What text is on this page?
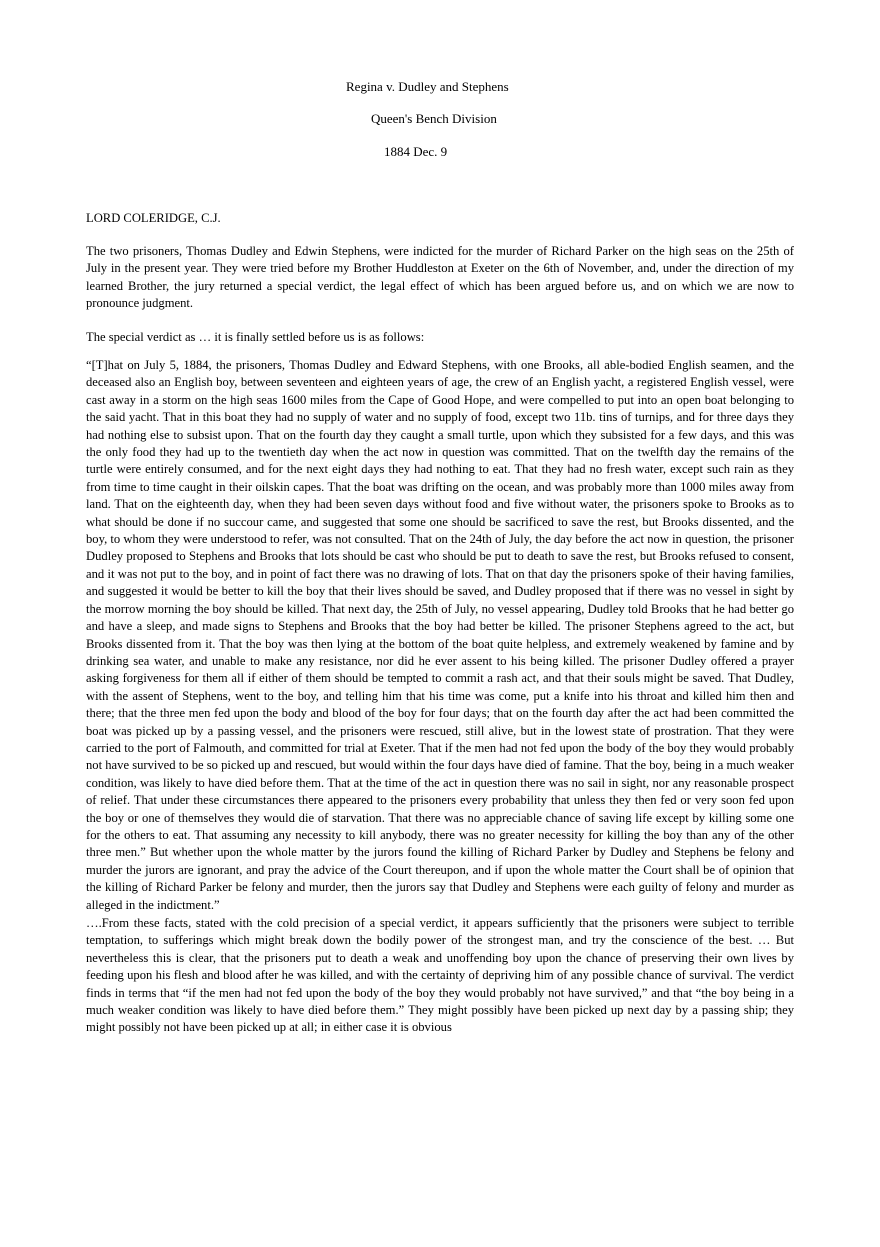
Regina v. Dudley and Stephens
Queen's Bench Division
1884 Dec. 9

LORD COLERIDGE, C.J.

The two prisoners, Thomas Dudley and Edwin Stephens, were indicted for the murder of Richard Parker on the high seas on the 25th of July in the present year. They were tried before my Brother Huddleston at Exeter on the 6th of November, and, under the direction of my learned Brother, the jury returned a special verdict, the legal effect of which has been argued before us, and on which we are now to pronounce judgment.

The special verdict as … it is finally settled before us is as follows:

“[T]hat on July 5, 1884, the prisoners, Thomas Dudley and Edward Stephens, with one Brooks, all able-bodied English seamen, and the deceased also an English boy, between seventeen and eighteen years of age, the crew of an English yacht, a registered English vessel, were cast away in a storm on the high seas 1600 miles from the Cape of Good Hope, and were compelled to put into an open boat belonging to the said yacht. That in this boat they had no supply of water and no supply of food, except two 11b. tins of turnips, and for three days they had nothing else to subsist upon. That on the fourth day they caught a small turtle, upon which they subsisted for a few days, and this was the only food they had up to the twentieth day when the act now in question was committed. That on the twelfth day the remains of the turtle were entirely consumed, and for the next eight days they had nothing to eat. That they had no fresh water, except such rain as they from time to time caught in their oilskin capes. That the boat was drifting on the ocean, and was probably more than 1000 miles away from land. That on the eighteenth day, when they had been seven days without food and five without water, the prisoners spoke to Brooks as to what should be done if no succour came, and suggested that some one should be sacrificed to save the rest, but Brooks dissented, and the boy, to whom they were understood to refer, was not consulted. That on the 24th of July, the day before the act now in question, the prisoner Dudley proposed to Stephens and Brooks that lots should be cast who should be put to death to save the rest, but Brooks refused to consent, and it was not put to the boy, and in point of fact there was no drawing of lots. That on that day the prisoners spoke of their having families, and suggested it would be better to kill the boy that their lives should be saved, and Dudley proposed that if there was no vessel in sight by the morrow morning the boy should be killed. That next day, the 25th of July, no vessel appearing, Dudley told Brooks that he had better go and have a sleep, and made signs to Stephens and Brooks that the boy had better be killed. The prisoner Stephens agreed to the act, but Brooks dissented from it. That the boy was then lying at the bottom of the boat quite helpless, and extremely weakened by famine and by drinking sea water, and unable to make any resistance, nor did he ever assent to his being killed. The prisoner Dudley offered a prayer asking forgiveness for them all if either of them should be tempted to commit a rash act, and that their souls might be saved. That Dudley, with the assent of Stephens, went to the boy, and telling him that his time was come, put a knife into his throat and killed him then and there; that the three men fed upon the body and blood of the boy for four days; that on the fourth day after the act had been committed the boat was picked up by a passing vessel, and the prisoners were rescued, still alive, but in the lowest state of prostration. That they were carried to the port of Falmouth, and committed for trial at Exeter. That if the men had not fed upon the body of the boy they would probably not have survived to be so picked up and rescued, but would within the four days have died of famine. That the boy, being in a much weaker condition, was likely to have died before them. That at the time of the act in question there was no sail in sight, nor any reasonable prospect of relief. That under these circumstances there appeared to the prisoners every probability that unless they then fed or very soon fed upon the boy or one of themselves they would die of starvation. That there was no appreciable chance of saving life except by killing some one for the others to eat. That assuming any necessity to kill anybody, there was no greater necessity for killing the boy than any of the other three men.” But whether upon the whole matter by the jurors found the killing of Richard Parker by Dudley and Stephens be felony and murder the jurors are ignorant, and pray the advice of the Court thereupon, and if upon the whole matter the Court shall be of opinion that the killing of Richard Parker be felony and murder, then the jurors say that Dudley and Stephens were each guilty of felony and murder as alleged in the indictment.”

….From these facts, stated with the cold precision of a special verdict, it appears sufficiently that the prisoners were subject to terrible temptation, to sufferings which might break down the bodily power of the strongest man, and try the conscience of the best. … But nevertheless this is clear, that the prisoners put to death a weak and unoffending boy upon the chance of preserving their own lives by feeding upon his flesh and blood after he was killed, and with the certainty of depriving him of any possible chance of survival. The verdict finds in terms that “if the men had not fed upon the body of the boy they would probably not have survived,” and that “the boy being in a much weaker condition was likely to have died before them.” They might possibly have been picked up next day by a passing ship; they might possibly not have been picked up at all; in either case it is obvious
